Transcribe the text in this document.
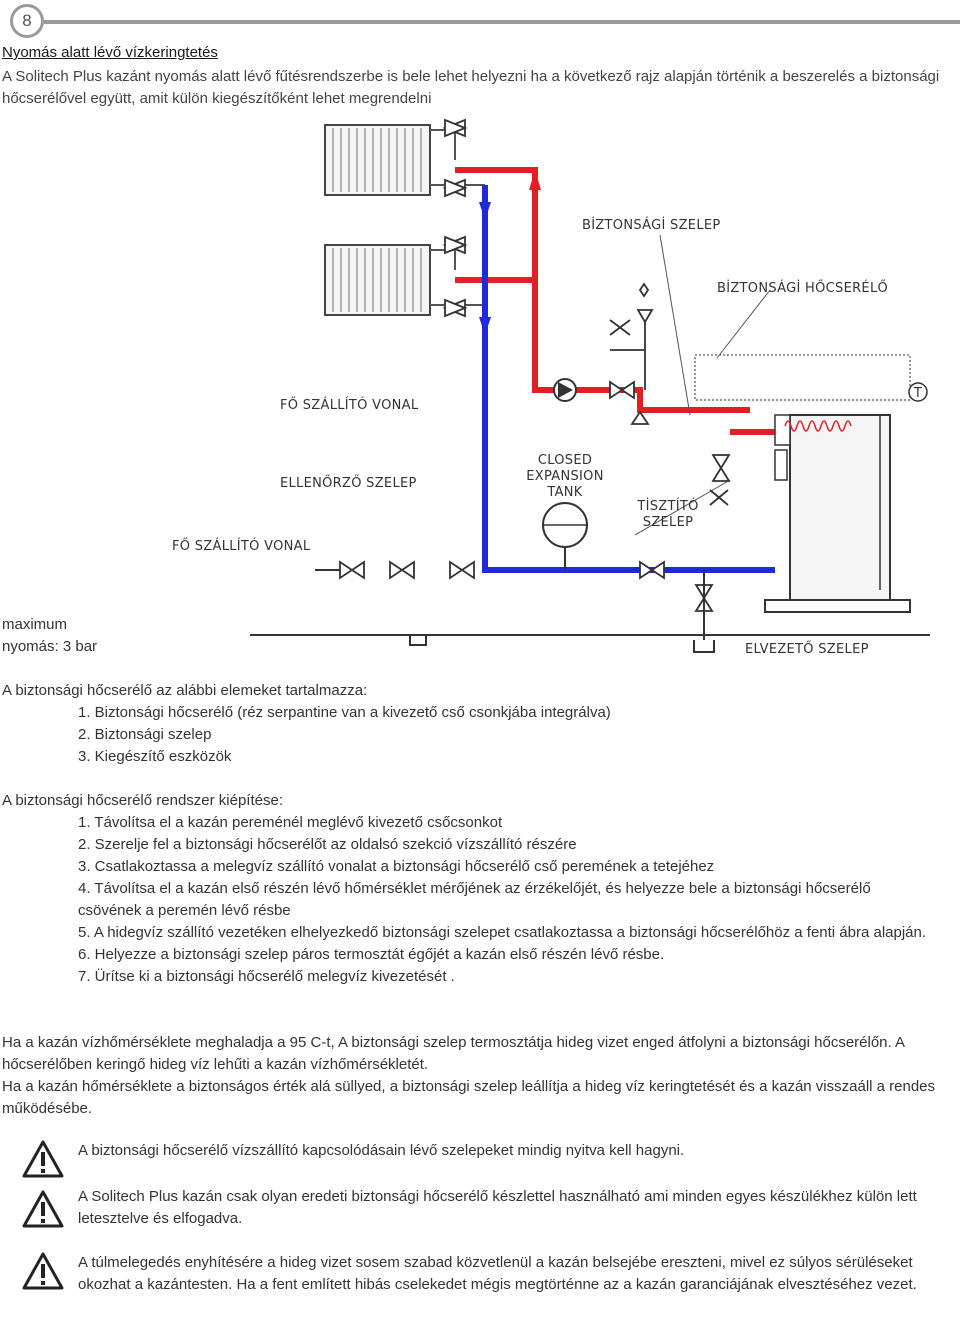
8
Nyomás alatt lévő vízkeringtetés
A Solitech Plus kazánt nyomás alatt lévő fűtésrendszerbe is bele lehet helyezni ha a következő rajz alapján történik a beszerelés a biztonsági hőcserélővel együtt, amit külön kiegészítőként lehet megrendelni
T
BİZTONSÁGİ SZELEP
BİZTONSÁGİ HŐCSERÉLŐ
FŐ SZÁLLÍTÓ VONAL
ELLENŐRZŐ SZELEP
CLOSED
EXPANSION
TANK
TİSZTÍTÓ
SZELEP
FŐ SZÁLLÍTÓ VONAL
ELVEZETŐ SZELEP
maximum
nyomás: 3 bar
A biztonsági hőcserélő az alábbi elemeket tartalmazza:
1. Biztonsági hőcserélő (réz serpantine van a kivezető cső csonkjába integrálva)
2. Biztonsági szelep
3. Kiegészítő eszközök
A biztonsági hőcserélő rendszer kiépítése:
1. Távolítsa el a kazán pereménél meglévő kivezető csőcsonkot
2. Szerelje fel a biztonsági hőcserélőt az oldalsó szekció vízszállító részére
3. Csatlakoztassa a melegvíz szállító vonalat a biztonsági hőcserélő cső peremének a tetejéhez
4. Távolítsa el a kazán első részén lévő hőmérséklet mérőjének az érzékelőjét, és helyezze bele a biztonsági hőcserélő csövének a peremén lévő résbe
5. A hidegvíz szállító vezetéken elhelyezkedő biztonsági szelepet csatlakoztassa a biztonsági hőcserélőhöz a fenti ábra alapján.
6. Helyezze a biztonsági szelep páros termosztát égőjét a kazán első részén lévő résbe.
7. Ürítse ki a biztonsági hőcserélő melegvíz kivezetését .
Ha a kazán vízhőmérséklete meghaladja a 95 C-t, A biztonsági szelep termosztátja hideg vizet enged átfolyni a biztonsági hőcserélőn. A hőcserélőben keringő hideg víz lehűti a kazán vízhőmérsékletét.
Ha a kazán hőmérséklete a biztonságos érték alá süllyed, a biztonsági szelep leállítja a hideg víz keringtetését és a kazán visszaáll a rendes működésébe.
A biztonsági hőcserélő vízszállító kapcsolódásain lévő szelepeket mindig nyitva kell hagyni.
A Solitech Plus kazán csak olyan eredeti biztonsági hőcserélő készlettel használható ami minden egyes készülékhez külön lett letesztelve és elfogadva.
A túlmelegedés enyhítésére a hideg vizet sosem szabad közvetlenül a kazán belsejébe ereszteni, mivel ez súlyos sérüléseket okozhat a kazántesten. Ha a fent említett hibás cselekedet mégis megtörténne az a kazán garanciájának elvesztéséhez vezet.
